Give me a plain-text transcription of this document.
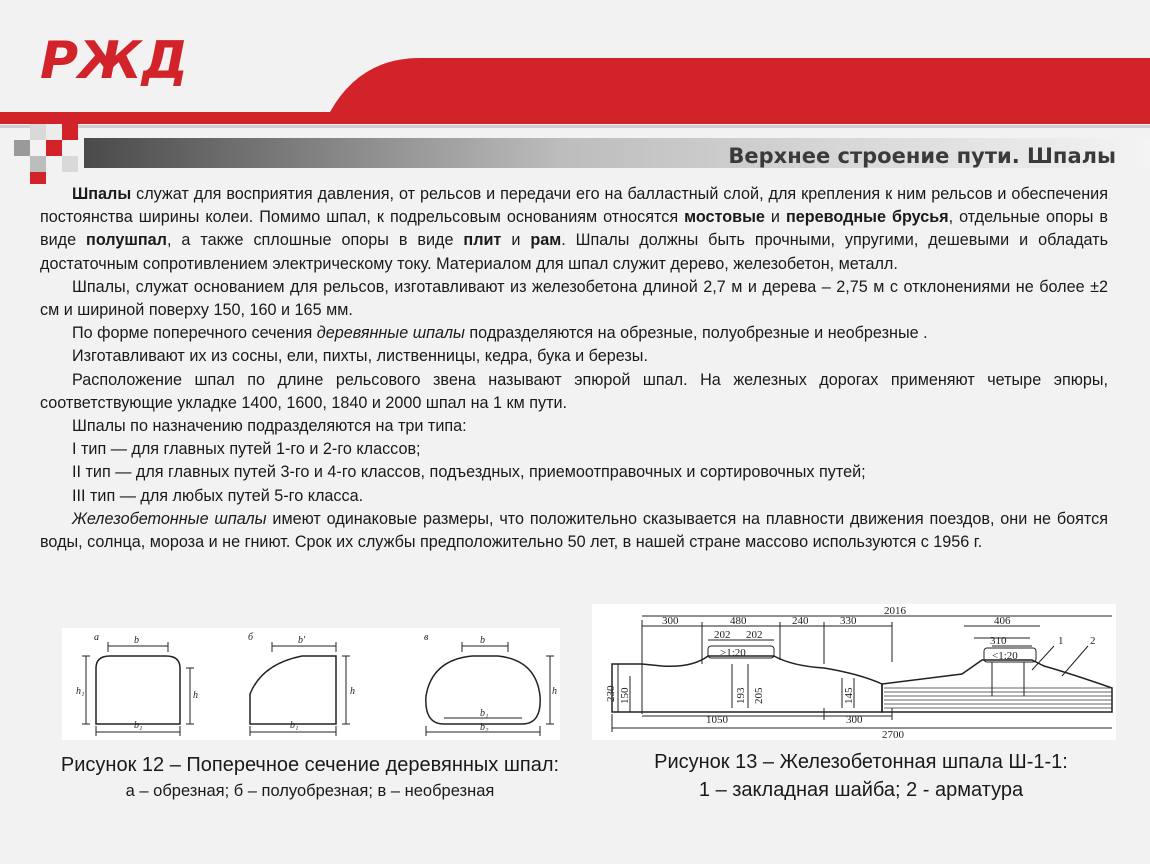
РЖД
Верхнее строение пути. Шпалы

Шпалы служат для восприятия давления, от рельсов и передачи его на балластный слой, для крепления к ним рельсов и обеспечения постоянства ширины колеи. Помимо шпал, к подрельсовым основаниям относятся мостовые и переводные брусья, отдельные опоры в виде полушпал, а также сплошные опоры в виде плит и рам. Шпалы должны быть прочными, упругими, дешевыми и обладать достаточным сопротивлением электрическому току. Материалом для шпал служит дерево, железобетон, металл.

Шпалы, служат основанием для рельсов, изготавливают из железобетона длиной 2,7 м и дерева – 2,75 м с отклонениями не более ±2 см и шириной поверху 150, 160 и 165 мм.

По форме поперечного сечения деревянные шпалы подразделяются на обрезные, полуобрезные и необрезные .

Изготавливают их из сосны, ели, пихты, лиственницы, кедра, бука и березы.

Расположение шпал по длине рельсового звена называют эпюрой шпал. На железных дорогах применяют четыре эпюры, соответствующие укладке 1400, 1600, 1840 и 2000 шпал на 1 км пути.

Шпалы по назначению подразделяются на три типа:

I тип — для главных путей 1-го и 2-го классов;

II тип — для главных путей 3-го и 4-го классов, подъездных, приемоотправочных и сортировочных путей;

III тип — для любых путей 5-го класса.

Железобетонные шпалы имеют одинаковые размеры, что положительно сказывается на плавности движения поездов, они не боятся воды, солнца, мороза и не гниют. Срок их службы предположительно 50 лет, в нашей стране массово используются с 1956 г.

а	б	в
b
b₁
h₁	h
b'
b₁
h
b
b₁
b₂
h
2016
300	480	240	330
202 202
>1:20
406
310
<1:20
1 2
1050	300
2700
230 150	193 205	145
Рисунок 12 – Поперечное сечение деревянных шпал:
а – обрезная; б – полуобрезная; в – необрезная
Рисунок 13 – Железобетонная шпала Ш-1-1:
1 – закладная шайба; 2 - арматура
